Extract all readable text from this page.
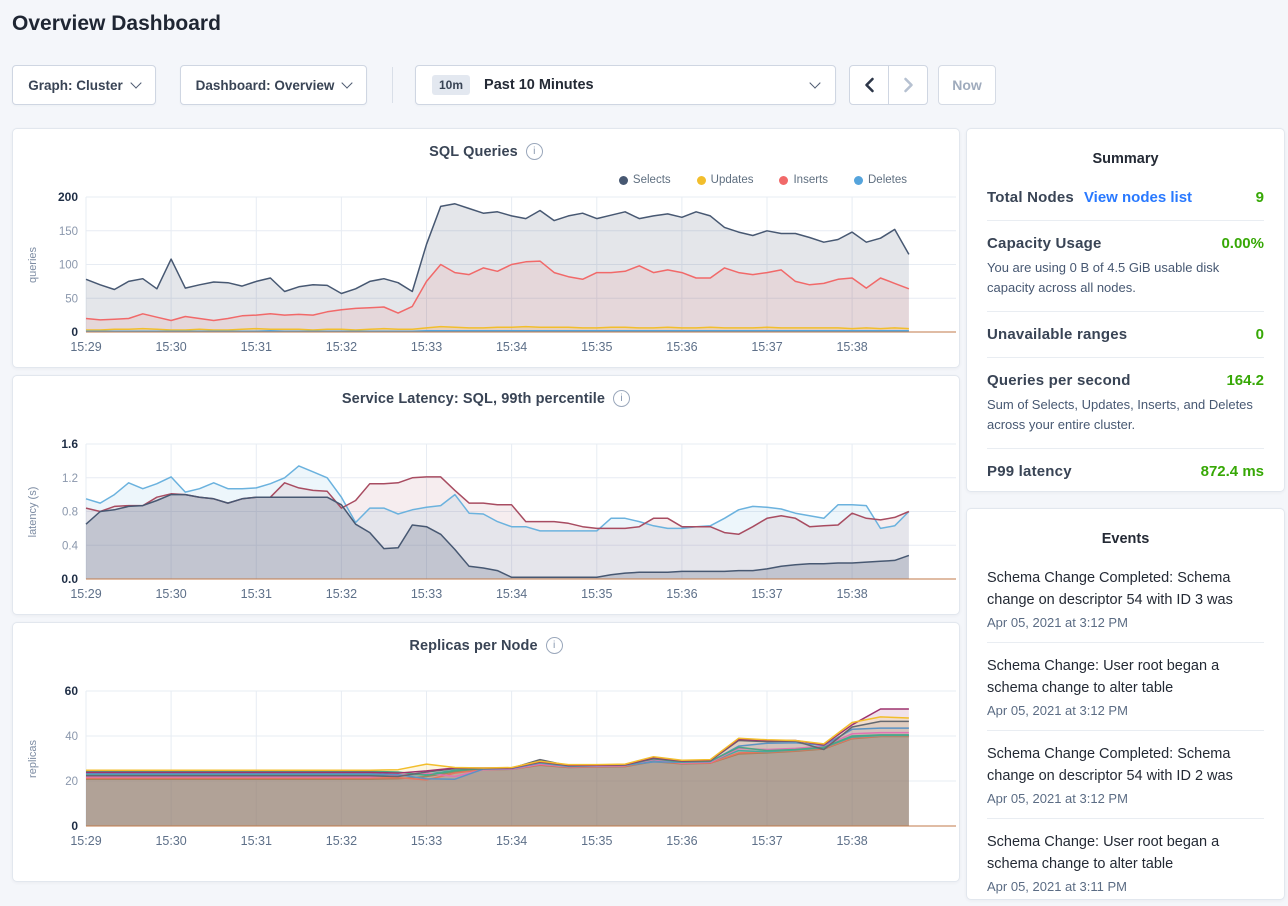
Overview Dashboard
Graph: Cluster	Dashboard: Overview	10m	Past 10 Minutes	Now
SQL Queries	i
Selects	Updates	Inserts	Deletes
queries
0
50
100
150
200
15:29	15:30	15:31	15:32	15:33	15:34	15:35	15:36	15:37	15:38
Service Latency: SQL, 99th percentile	i
latency (s)
0.0
0.4
0.8
1.2
1.6
15:29	15:30	15:31	15:32	15:33	15:34	15:35	15:36	15:37	15:38
Replicas per Node	i
replicas
0
20
40
60
15:29	15:30	15:31	15:32	15:33	15:34	15:35	15:36	15:37	15:38
Summary
Total Nodes View nodes list	9
Capacity Usage	0.00%

You are using 0 B of 4.5 GiB usable disk capacity across all nodes.

Unavailable ranges	0
Queries per second	164.2

Sum of Selects, Updates, Inserts, and Deletes across your entire cluster.

P99 latency	872.4 ms
Events
Schema Change Completed: Schema change on descriptor 54 with ID 3 was
Apr 05, 2021 at 3:12 PM
Schema Change: User root began a schema change to alter table
Apr 05, 2021 at 3:12 PM
Schema Change Completed: Schema change on descriptor 54 with ID 2 was
Apr 05, 2021 at 3:12 PM
Schema Change: User root began a schema change to alter table
Apr 05, 2021 at 3:11 PM
